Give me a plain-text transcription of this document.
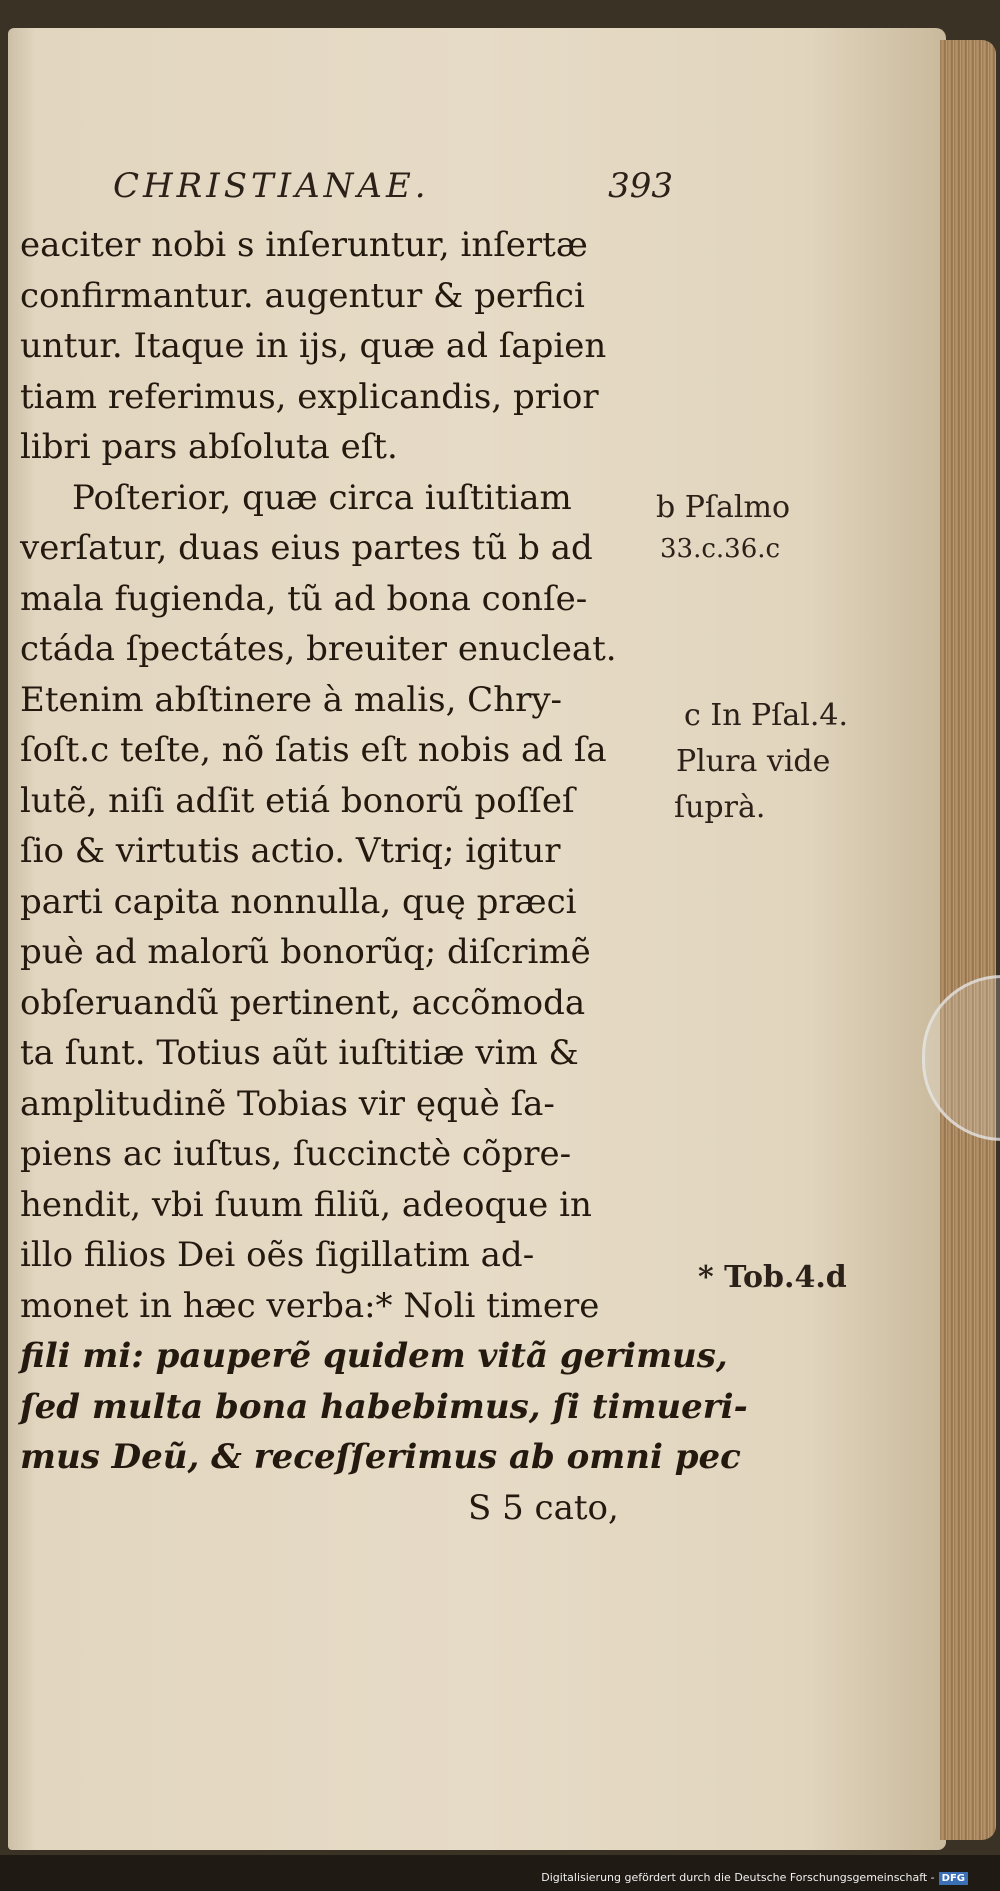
CHRISTIANAE.	393
eaciter nobi s inſeruntur, inſertæ
confirmantur. augentur & perfici
untur. Itaque in ijs, quæ ad ſapien
tiam referimus, explicandis, prior
libri pars abſoluta eſt.
Poſterior, quæ circa iuſtitiam
verſatur, duas eius partes tũ b ad
mala fugienda, tũ ad bona conſe-
ctáda ſpectátes, breuiter enucleat.
Etenim abſtinere à malis, Chry-
ſoſt.c teſte, nõ ſatis eſt nobis ad ſa
lutẽ, niſi adſit etiá bonorũ poſſeſ
ſio & virtutis actio. Vtriq; igitur
parti capita nonnulla, quę præci
puè ad malorũ bonorũq; diſcrimẽ
obſeruandũ pertinent, accõmoda
ta ſunt. Totius aũt iuſtitiæ vim &
amplitudinẽ Tobias vir ęquè ſa-
piens ac iuſtus, ſuccinctè cõpre-
hendit, vbi ſuum filiũ, adeoque in
illo filios Dei oẽs ſigillatim ad-
monet in hæc verba:* Noli timere
fili mi: pauperẽ quidem vitã gerimus,
ſed multa bona habebimus, ſi timueri-
mus Deũ, & receſſerimus ab omni pec
S 5 cato,
b Pſalmo
33.c.36.c
c In Pſal.4.
Plura vide
ſuprà.
* Tob.4.d
Digitalisierung gefördert durch die Deutsche Forschungsgemeinschaft - DFG
